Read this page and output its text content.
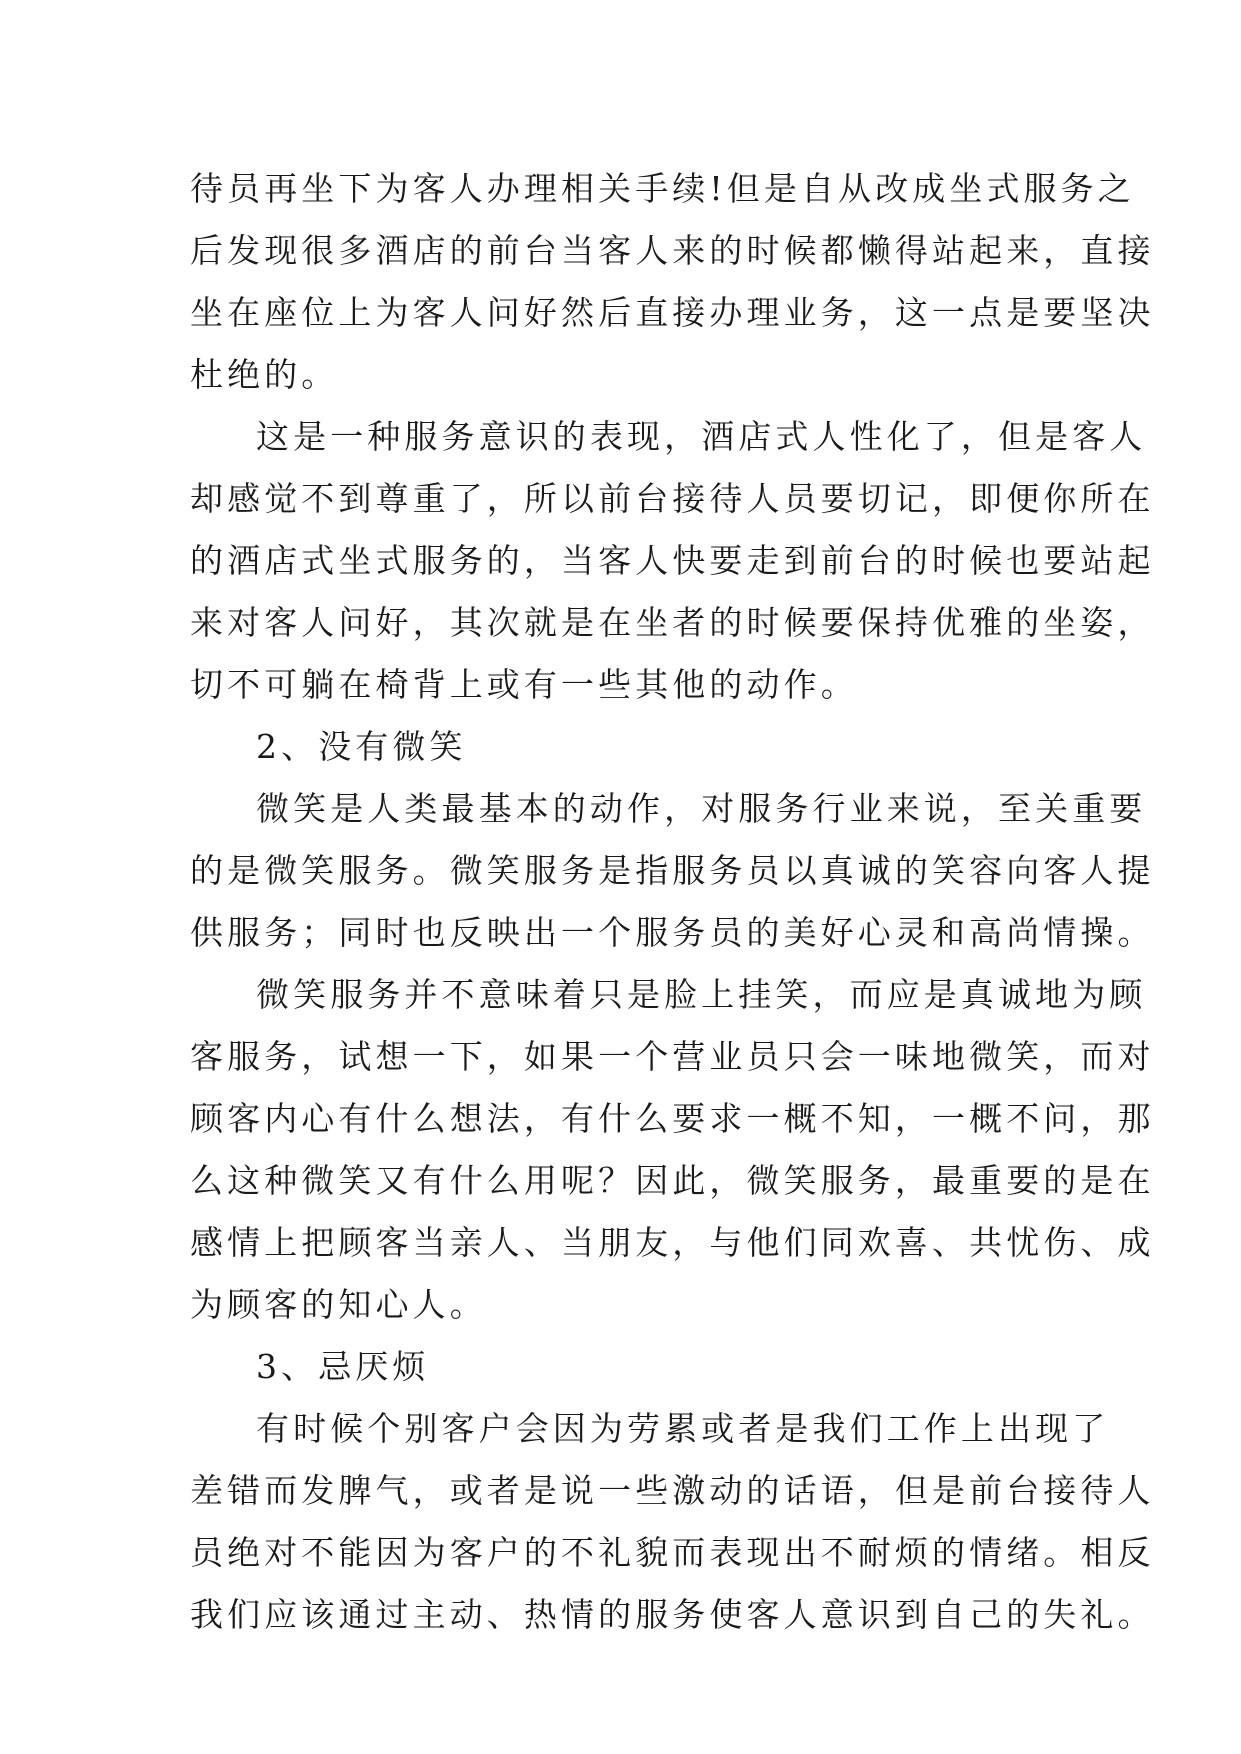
待员再坐下为客人办理相关手续!但是自从改成坐式服务之
后发现很多酒店的前台当客人来的时候都懒得站起来，直接
坐在座位上为客人问好然后直接办理业务，这一点是要坚决
杜绝的。
这是一种服务意识的表现，酒店式人性化了，但是客人
却感觉不到尊重了，所以前台接待人员要切记，即便你所在
的酒店式坐式服务的，当客人快要走到前台的时候也要站起
来对客人问好，其次就是在坐者的时候要保持优雅的坐姿，
切不可躺在椅背上或有一些其他的动作。
2、没有微笑
微笑是人类最基本的动作，对服务行业来说，至关重要
的是微笑服务。微笑服务是指服务员以真诚的笑容向客人提
供服务；同时也反映出一个服务员的美好心灵和高尚情操。
微笑服务并不意味着只是脸上挂笑，而应是真诚地为顾
客服务，试想一下，如果一个营业员只会一味地微笑，而对
顾客内心有什么想法，有什么要求一概不知，一概不问，那
么这种微笑又有什么用呢？因此，微笑服务，最重要的是在
感情上把顾客当亲人、当朋友，与他们同欢喜、共忧伤、成
为顾客的知心人。
3、忌厌烦
有时候个别客户会因为劳累或者是我们工作上出现了
差错而发脾气，或者是说一些激动的话语，但是前台接待人
员绝对不能因为客户的不礼貌而表现出不耐烦的情绪。相反
我们应该通过主动、热情的服务使客人意识到自己的失礼。
